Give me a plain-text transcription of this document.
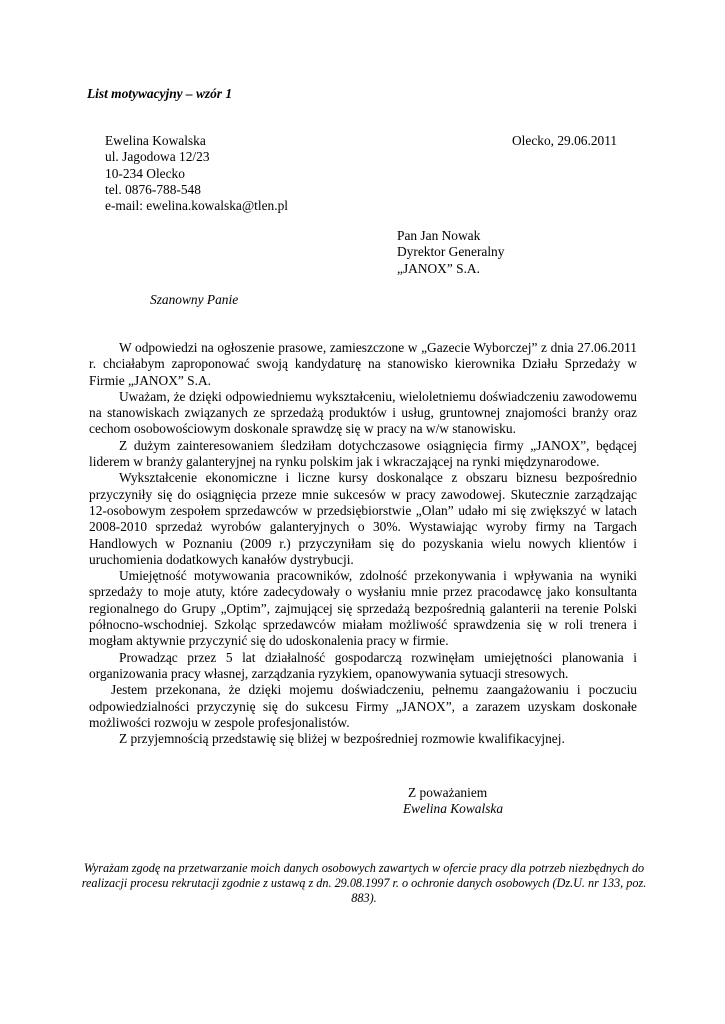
List motywacyjny – wzór 1
Ewelina Kowalska
ul. Jagodowa 12/23
10-234 Olecko
tel. 0876-788-548
e-mail: ewelina.kowalska@tlen.pl
Olecko, 29.06.2011
Pan Jan Nowak
Dyrektor Generalny
„JANOX” S.A.
Szanowny Panie

W odpowiedzi na ogłoszenie prasowe, zamieszczone w „Gazecie Wyborczej” z dnia 27.06.2011 r. chciałabym zaproponować swoją kandydaturę na stanowisko kierownika Działu Sprzedaży w Firmie „JANOX” S.A.

Uważam, że dzięki odpowiedniemu wykształceniu, wieloletniemu doświadczeniu zawodowemu na stanowiskach związanych ze sprzedażą produktów i usług, gruntownej znajomości branży oraz cechom osobowościowym doskonale sprawdzę się w pracy na w/w stanowisku.

Z dużym zainteresowaniem śledziłam dotychczasowe osiągnięcia firmy „JANOX”, będącej liderem w branży galanteryjnej na rynku polskim jak i wkraczającej na rynki międzynarodowe.

Wykształcenie ekonomiczne i liczne kursy doskonalące z obszaru biznesu bezpośrednio przyczyniły się do osiągnięcia przeze mnie sukcesów w pracy zawodowej. Skutecznie zarządzając 12-osobowym zespołem sprzedawców w przedsiębiorstwie „Olan” udało mi się zwiększyć w latach 2008-2010 sprzedaż wyrobów galanteryjnych o 30%. Wystawiając wyroby firmy na Targach Handlowych w Poznaniu (2009 r.) przyczyniłam się do pozyskania wielu nowych klientów i uruchomienia dodatkowych kanałów dystrybucji.

Umiejętność motywowania pracowników, zdolność przekonywania i wpływania na wyniki sprzedaży to moje atuty, które zadecydowały o wysłaniu mnie przez pracodawcę jako konsultanta regionalnego do Grupy „Optim”, zajmującej się sprzedażą bezpośrednią galanterii na terenie Polski północno-wschodniej. Szkoląc sprzedawców miałam możliwość sprawdzenia się w roli trenera i mogłam aktywnie przyczynić się do udoskonalenia pracy w firmie.

Prowadząc przez 5 lat działalność gospodarczą rozwinęłam umiejętności planowania i organizowania pracy własnej, zarządzania ryzykiem, opanowywania sytuacji stresowych.

Jestem przekonana, że dzięki mojemu doświadczeniu, pełnemu zaangażowaniu i poczuciu odpowiedzialności przyczynię się do sukcesu Firmy „JANOX”, a zarazem uzyskam doskonałe możliwości rozwoju w zespole profesjonalistów.

Z przyjemnością przedstawię się bliżej w bezpośredniej rozmowie kwalifikacyjnej.

Z poważaniem
Ewelina Kowalska
Wyrażam zgodę na przetwarzanie moich danych osobowych zawartych w ofercie pracy dla potrzeb niezbędnych do realizacji procesu rekrutacji zgodnie z ustawą z dn. 29.08.1997 r. o ochronie danych osobowych (Dz.U. nr 133, poz. 883).
